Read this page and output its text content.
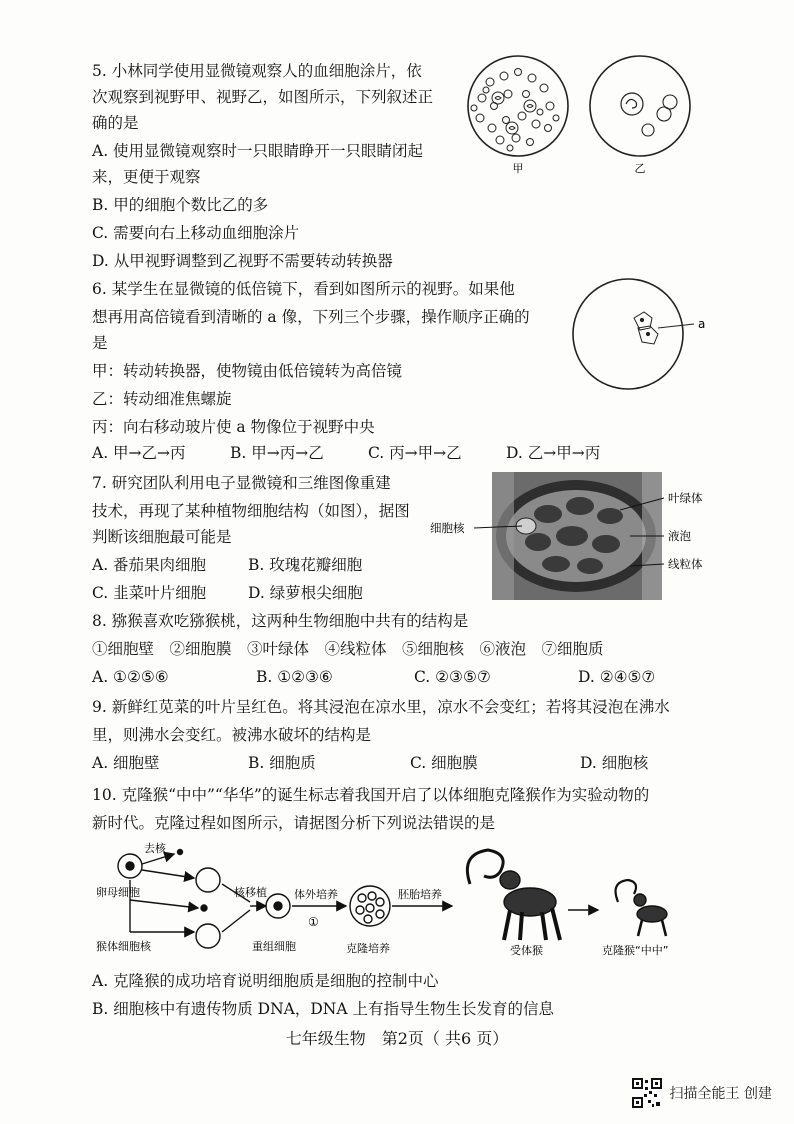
5. 小林同学使用显微镜观察人的血细胞涂片，依
次观察到视野甲、视野乙，如图所示，下列叙述正
确的是
A. 使用显微镜观察时一只眼睛睁开一只眼睛闭起
来，更便于观察
B. 甲的细胞个数比乙的多
C. 需要向右上移动血细胞涂片
D. 从甲视野调整到乙视野不需要转动转换器
甲	乙
6. 某学生在显微镜的低倍镜下，看到如图所示的视野。如果他
想再用高倍镜看到清晰的 a 像，下列三个步骤，操作顺序正确的
是
甲：转动转换器，使物镜由低倍镜转为高倍镜
乙：转动细准焦螺旋
丙：向右移动玻片使 a 物像位于视野中央
A. 甲→乙→丙	B. 甲→丙→乙	C. 丙→甲→乙	D. 乙→甲→丙
a
7. 研究团队利用电子显微镜和三维图像重建
技术，再现了某种植物细胞结构（如图），据图
判断该细胞最可能是
A. 番茄果肉细胞	B. 玫瑰花瓣细胞
C. 韭菜叶片细胞	D. 绿萝根尖细胞
细胞核
叶绿体
液泡
线粒体
8. 猕猴喜欢吃猕猴桃，这两种生物细胞中共有的结构是
①细胞壁　②细胞膜　③叶绿体　④线粒体　⑤细胞核　⑥液泡　⑦细胞质
A. ①②⑤⑥	B. ①②③⑥	C. ②③⑤⑦	D. ②④⑤⑦
9. 新鲜红苋菜的叶片呈红色。将其浸泡在凉水里，凉水不会变红；若将其浸泡在沸水
里，则沸水会变红。被沸水破坏的结构是
A. 细胞壁	B. 细胞质	C. 细胞膜	D. 细胞核
10. 克隆猴“中中”“华华”的诞生标志着我国开启了以体细胞克隆猴作为实验动物的
新时代。克隆过程如图所示，请据图分析下列说法错误的是
卵母细胞
去核
猴体细胞核
核移植
重组细胞
体外培养
①
胚胎培养
克隆培养	受体猴	克隆猴“中中”
A. 克隆猴的成功培育说明细胞质是细胞的控制中心
B. 细胞核中有遗传物质 DNA，DNA 上有指导生物生长发育的信息
七年级生物　第2页（ 共6 页）
扫描全能王 创建
